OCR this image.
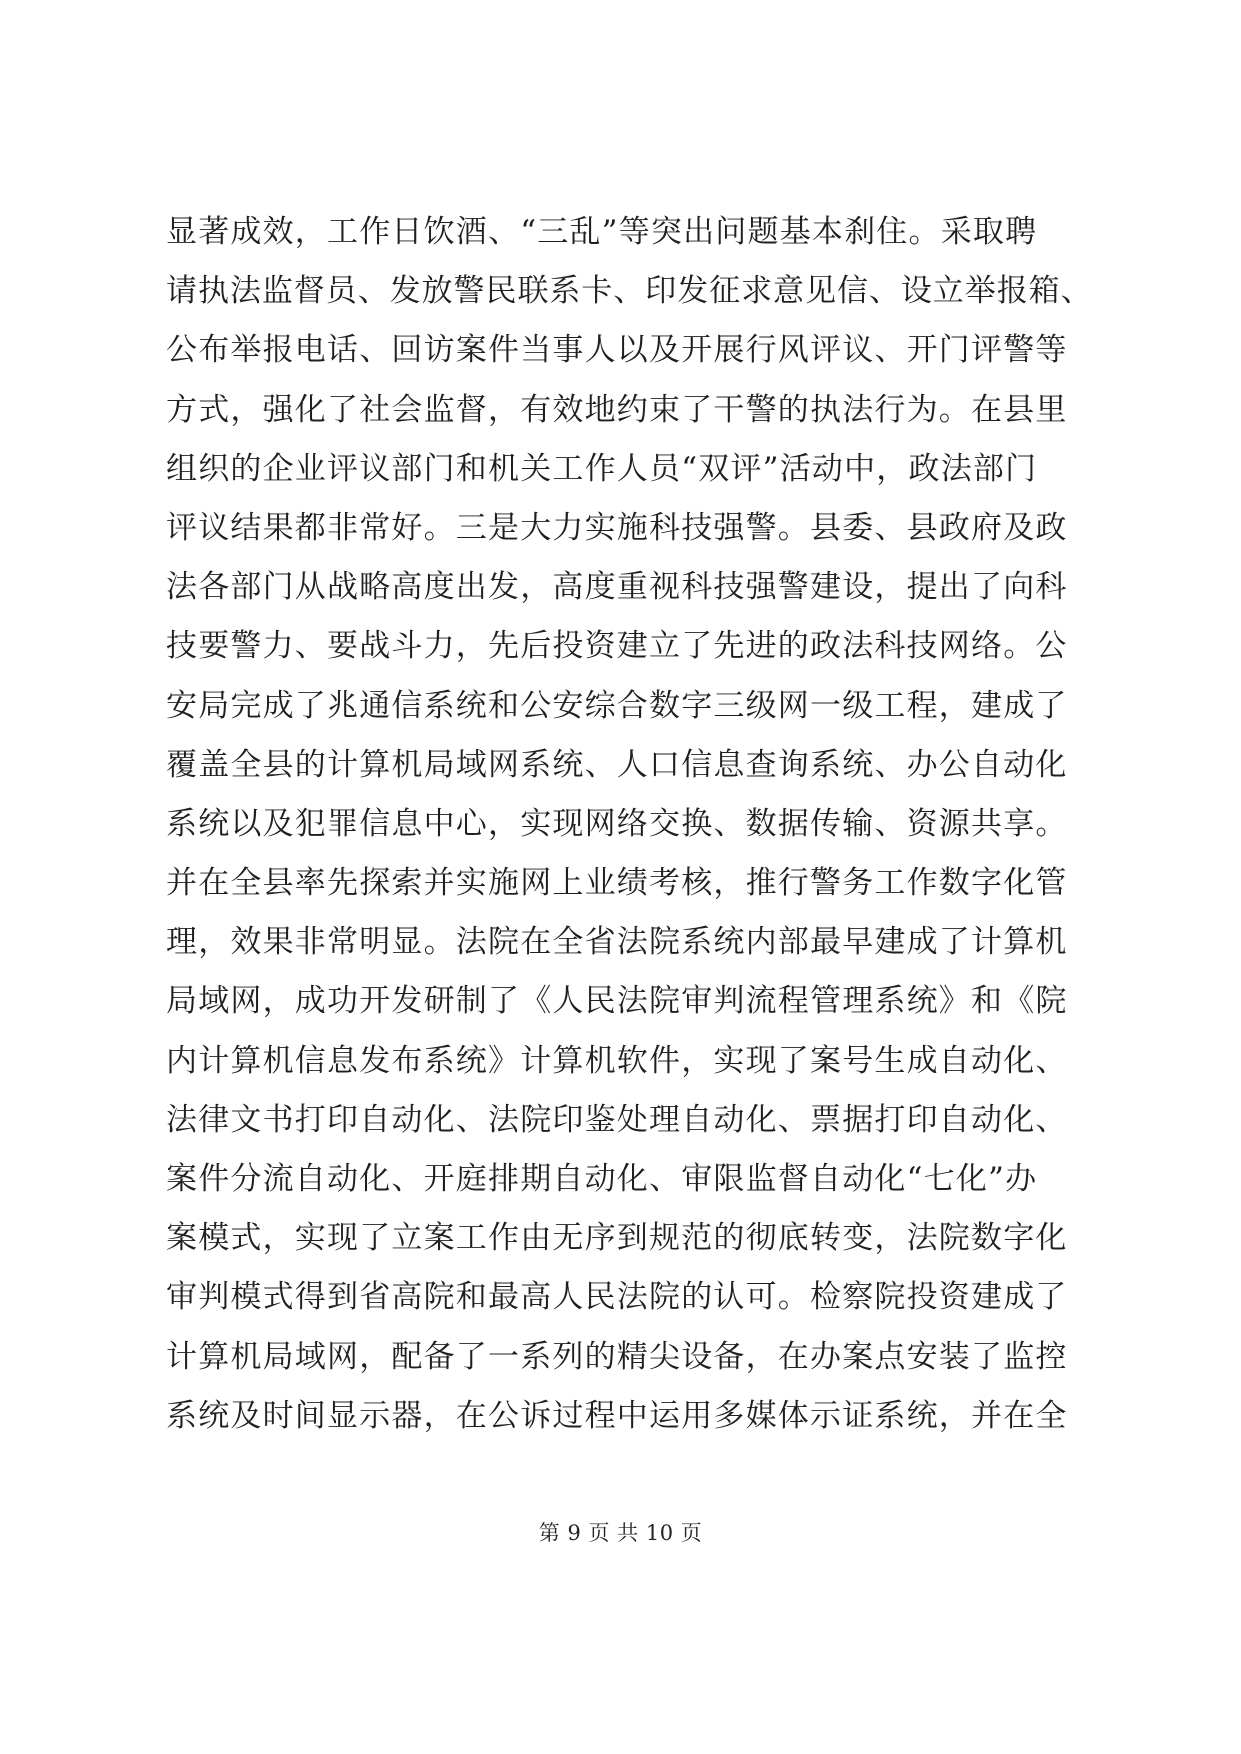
显著成效，工作日饮酒、“三乱”等突出问题基本刹住。采取聘
请执法监督员、发放警民联系卡、印发征求意见信、设立举报箱、
公布举报电话、回访案件当事人以及开展行风评议、开门评警等
方式，强化了社会监督，有效地约束了干警的执法行为。在县里
组织的企业评议部门和机关工作人员“双评”活动中，政法部门
评议结果都非常好。三是大力实施科技强警。县委、县政府及政
法各部门从战略高度出发，高度重视科技强警建设，提出了向科
技要警力、要战斗力，先后投资建立了先进的政法科技网络。公
安局完成了兆通信系统和公安综合数字三级网一级工程，建成了
覆盖全县的计算机局域网系统、人口信息查询系统、办公自动化
系统以及犯罪信息中心，实现网络交换、数据传输、资源共享。
并在全县率先探索并实施网上业绩考核，推行警务工作数字化管
理，效果非常明显。法院在全省法院系统内部最早建成了计算机
局域网，成功开发研制了《人民法院审判流程管理系统》和《院
内计算机信息发布系统》计算机软件，实现了案号生成自动化、
法律文书打印自动化、法院印鉴处理自动化、票据打印自动化、
案件分流自动化、开庭排期自动化、审限监督自动化“七化”办
案模式，实现了立案工作由无序到规范的彻底转变，法院数字化
审判模式得到省高院和最高人民法院的认可。检察院投资建成了
计算机局域网，配备了一系列的精尖设备，在办案点安装了监控
系统及时间显示器，在公诉过程中运用多媒体示证系统，并在全
第 9 页 共 10 页
